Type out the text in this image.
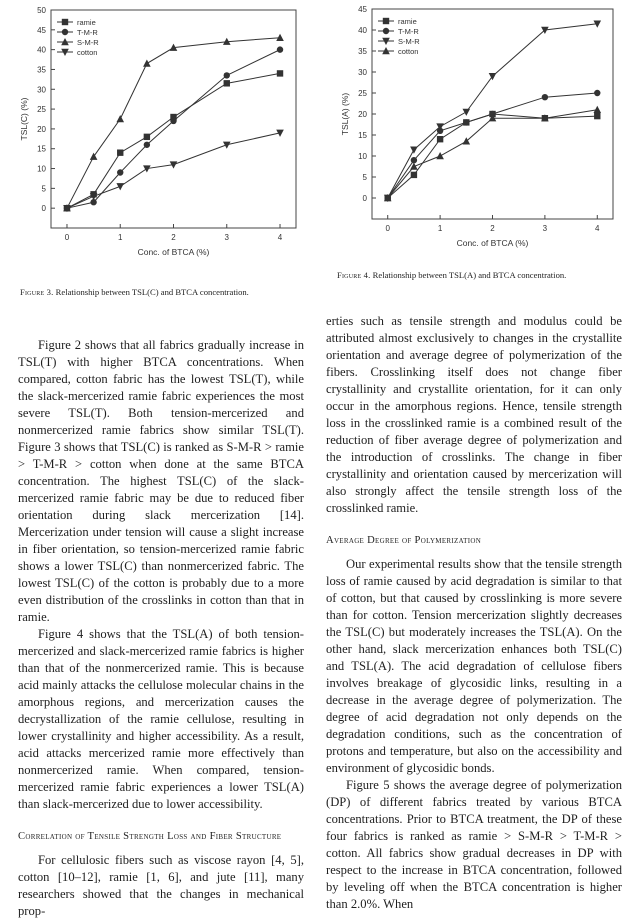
0
5
10
15
20
25
30
35
40
45
50
0	1	2	3	4
Conc. of BTCA (%)
TSL(C) (%)
ramie
T-M-R
S-M-R
cotton
Figure 3. Relationship between TSL(C) and BTCA concentration.
0
5
10
15
20
25
30
35
40
45
0	1	2	3	4
Conc. of BTCA (%)
TSL(A) (%)
ramie
T-M-R
S-M-R
cotton
Figure 4. Relationship between TSL(A) and BTCA concentration.

Figure 2 shows that all fabrics gradually increase in TSL(T) with higher BTCA concentrations. When compared, cotton fabric has the lowest TSL(T), while the slack-mercerized ramie fabric experiences the most severe TSL(T). Both tension-mercerized and nonmercerized ramie fabrics show similar TSL(T). Figure 3 shows that TSL(C) is ranked as S-M-R > ramie > T-M-R > cotton when done at the same BTCA concentration. The highest TSL(C) of the slack-mercerized ramie fabric may be due to reduced fiber orientation during slack mercerization [14]. Mercerization under tension will cause a slight increase in fiber orientation, so tension-mercerized ramie fabric shows a lower TSL(C) than nonmercerized fabric. The lowest TSL(C) of the cotton is probably due to a more even distribution of the crosslinks in cotton than that in ramie.

Figure 4 shows that the TSL(A) of both tension-mercerized and slack-mercerized ramie fabrics is higher than that of the nonmercerized ramie. This is because acid mainly attacks the cellulose molecular chains in the amorphous regions, and mercerization causes the decrystallization of the ramie cellulose, resulting in lower crystallinity and higher accessibility. As a result, acid attacks mercerized ramie more effectively than nonmercerized ramie. When compared, tension-mercerized ramie fabric experiences a lower TSL(A) than slack-mercerized due to lower accessibility.

Correlation of Tensile Strength Loss and Fiber Structure

For cellulosic fibers such as viscose rayon [4, 5], cotton [10–12], ramie [1, 6], and jute [11], many researchers showed that the changes in mechanical prop-

erties such as tensile strength and modulus could be attributed almost exclusively to changes in the crystallite orientation and average degree of polymerization of the fibers. Crosslinking itself does not change fiber crystallinity and crystallite orientation, for it can only occur in the amorphous regions. Hence, tensile strength loss in the crosslinked ramie is a combined result of the reduction of fiber average degree of polymerization and the introduction of crosslinks. The change in fiber crystallinity and orientation caused by mercerization will also strongly affect the tensile strength loss of the crosslinked ramie.

Average Degree of Polymerization

Our experimental results show that the tensile strength loss of ramie caused by acid degradation is similar to that of cotton, but that caused by crosslinking is more severe than for cotton. Tension mercerization slightly decreases the TSL(C) but moderately increases the TSL(A). On the other hand, slack mercerization enhances both TSL(C) and TSL(A). The acid degradation of cellulose fibers involves breakage of glycosidic links, resulting in a decrease in the average degree of polymerization. The degree of acid degradation not only depends on the degradation conditions, such as the concentration of protons and temperature, but also on the accessibility and environment of glycosidic bonds.

Figure 5 shows the average degree of polymerization (DP) of different fabrics treated by various BTCA concentrations. Prior to BTCA treatment, the DP of these four fabrics is ranked as ramie > S-M-R > T-M-R > cotton. All fabrics show gradual decreases in DP with respect to the increase in BTCA concentration, followed by leveling off when the BTCA concentration is higher than 2.0%. When
